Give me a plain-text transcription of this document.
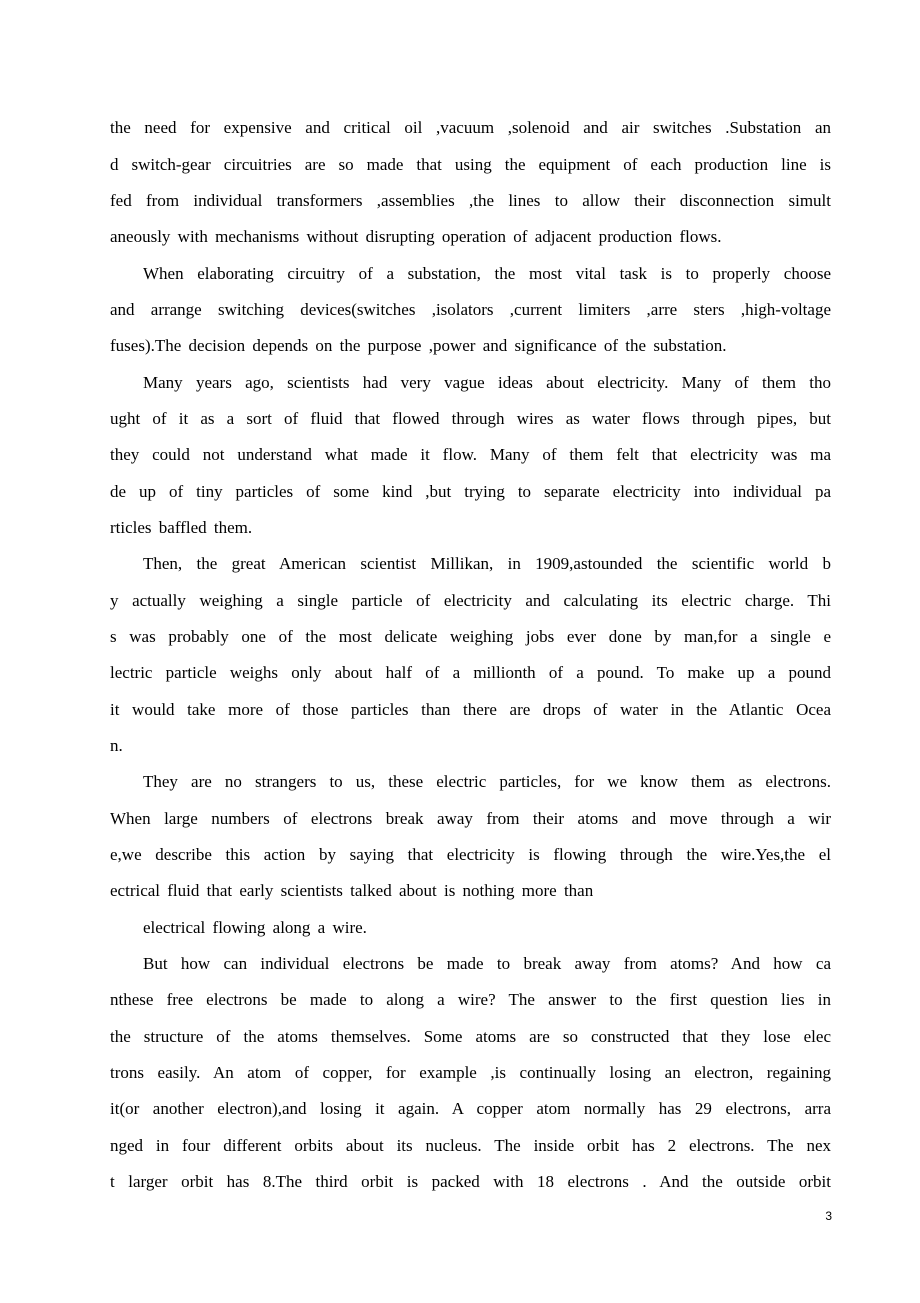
the need for expensive and critical oil ,vacuum ,solenoid and air switches .Substation an
d switch-gear circuitries are so made that using the equipment of each production line is
fed from individual transformers ,assemblies ,the lines to allow their disconnection simult
aneously with mechanisms without disrupting operation of adjacent production flows.
When elaborating circuitry of a substation, the most vital task is to properly choose
and arrange switching devices(switches ,isolators ,current limiters ,arre sters ,high-voltage
fuses).The decision depends on the purpose ,power and significance of the substation.
Many years ago, scientists had very vague ideas about electricity. Many of them tho
ught of it as a sort of fluid that flowed through wires as water flows through pipes, but
they could not understand what made it flow. Many of them felt that electricity was ma
de up of tiny particles of some kind ,but trying to separate electricity into individual pa
rticles baffled them.
Then, the great American scientist Millikan, in 1909,astounded the scientific world b
y actually weighing a single particle of electricity and calculating its electric charge. Thi
s was probably one of the most delicate weighing jobs ever done by man,for a single e
lectric particle weighs only about half of a millionth of a pound. To make up a pound
it would take more of those particles than there are drops of water in the Atlantic Ocea
n.
They are no strangers to us, these electric particles, for we know them as electrons.
When large numbers of electrons break away from their atoms and move through a wir
e,we describe this action by saying that electricity is flowing through the wire.Yes,the el
ectrical fluid that early scientists talked about is nothing more than
electrical flowing along a wire.
But how can individual electrons be made to break away from atoms? And how ca
nthese free electrons be made to along a wire? The answer to the first question lies in
the structure of the atoms themselves. Some atoms are so constructed that they lose elec
trons easily. An atom of copper, for example ,is continually losing an electron, regaining
it(or another electron),and losing it again. A copper atom normally has 29 electrons, arra
nged in four different orbits about its nucleus. The inside orbit has 2 electrons. The nex
t larger orbit has 8.The third orbit is packed with 18 electrons . And the outside orbit
3
